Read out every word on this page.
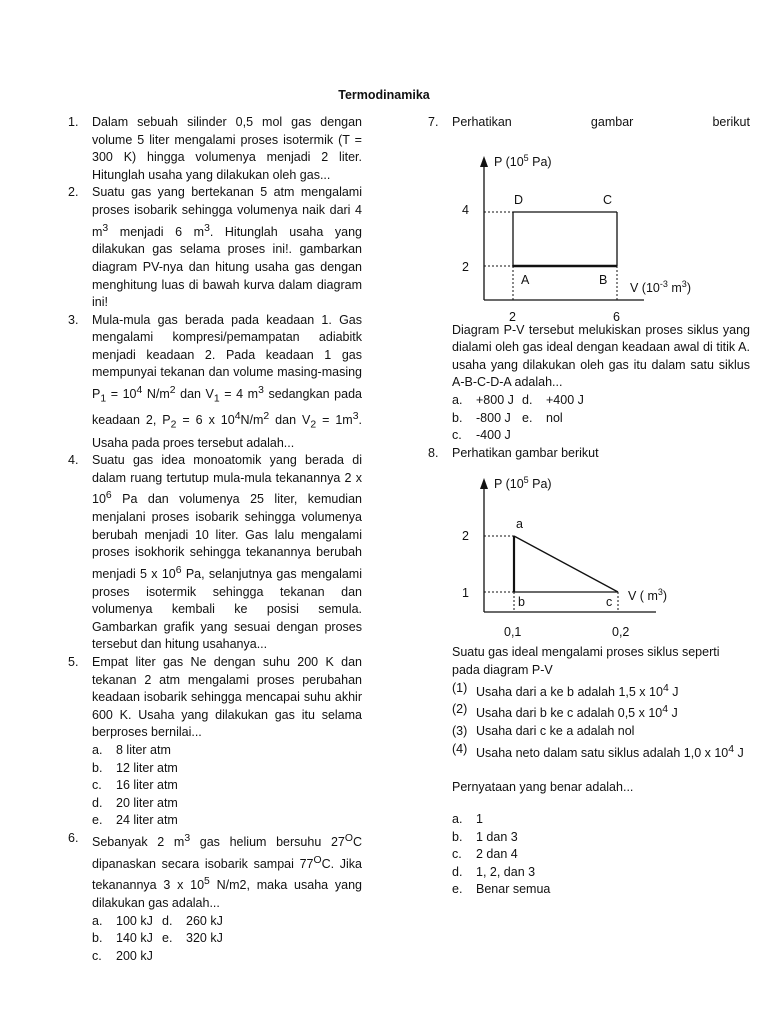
Termodinamika
1.	Dalam sebuah silinder 0,5 mol gas dengan volume 5 liter mengalami proses isotermik (T = 300 K) hingga volumenya menjadi 2 liter. Hitunglah usaha yang dilakukan oleh gas...
2.	Suatu gas yang bertekanan 5 atm mengalami proses isobarik sehingga volumenya naik dari 4 $m^3$ menjadi 6 $m^3$. Hitunglah usaha yang dilakukan gas selama proses ini!. gambarkan diagram PV-nya dan hitung usaha gas dengan menghitung luas di bawah kurva dalam diagram ini!
3.	Mula-mula gas berada pada keadaan 1. Gas mengalami kompresi/pemampatan adiabitk menjadi keadaan 2. Pada keadaan 1 gas mempunyai tekanan dan volume masing-masing $P_1 = 10^4$ $N/m^2$ dan $V_1 = 4$ $m^3$ sedangkan pada keadaan 2, $P_2 = 6$ x $10^4N/m^2$ dan $V_2 = 1m^3$. Usaha pada proes tersebut adalah...
4.	Suatu gas idea monoatomik yang berada di dalam ruang tertutup mula-mula tekanannya 2 x $10^6$ Pa dan volumenya 25 liter, kemudian menjalani proses isobarik sehingga volumenya berubah menjadi 10 liter. Gas lalu mengalami proses isokhorik sehingga tekanannya berubah menjadi 5 x $10^6$ Pa, selanjutnya gas mengalami proses isotermik sehingga tekanan dan volumenya kembali ke posisi semula. Gambarkan grafik yang sesuai dengan proses tersebut dan hitung usahanya...
5.	Empat liter gas Ne dengan suhu 200 K dan tekanan 2 atm mengalami proses perubahan keadaan isobarik sehingga mencapai suhu akhir 600 K. Usaha yang dilakukan gas itu selama berproses bernilai...
a.	8 liter atm
b.	12 liter atm
c.	16 liter atm
d.	20 liter atm
e.	24 liter atm
6.	Sebanyak 2 $m^3$ gas helium bersuhu $27^OC$ dipanaskan secara isobarik sampai $77^OC$. Jika tekanannya 3 x $10^5$ N/m2, maka usaha yang dilakukan gas adalah...
a.	100 kJ d.	260 kJ
b.	140 kJ e.	320 kJ
c.	200 kJ
7.	Perhatikan	gambar	berikut
P ($10^5$ Pa)
V ($10^{-3}$ $m^3$)
4
2
2	6
D	C
A	B
Diagram P-V tersebut melukiskan proses siklus yang dialami oleh gas ideal dengan keadaan awal di titik A. usaha yang dilakukan oleh gas itu dalam satu siklus A-B-C-D-A adalah...
a.	+800 J d.	+400 J
b.	-800 J e.	nol
c.	-400 J
8.	Perhatikan gambar berikut
P ($10^5$ Pa)
V ( $m^3$)
2
1
0,1	0,2
a
b	c
Suatu gas ideal mengalami proses siklus seperti pada diagram P-V
(1) Usaha dari a ke b adalah 1,5 x $10^4$ J
(2) Usaha dari b ke c adalah 0,5 x $10^4$ J
(3) Usaha dari c ke a adalah nol
(4) Usaha neto dalam satu siklus adalah 1,0 x $10^4$ J
Pernyataan yang benar adalah...
a.	1
b.	1 dan 3
c.	2 dan 4
d.	1, 2, dan 3
e.	Benar semua
